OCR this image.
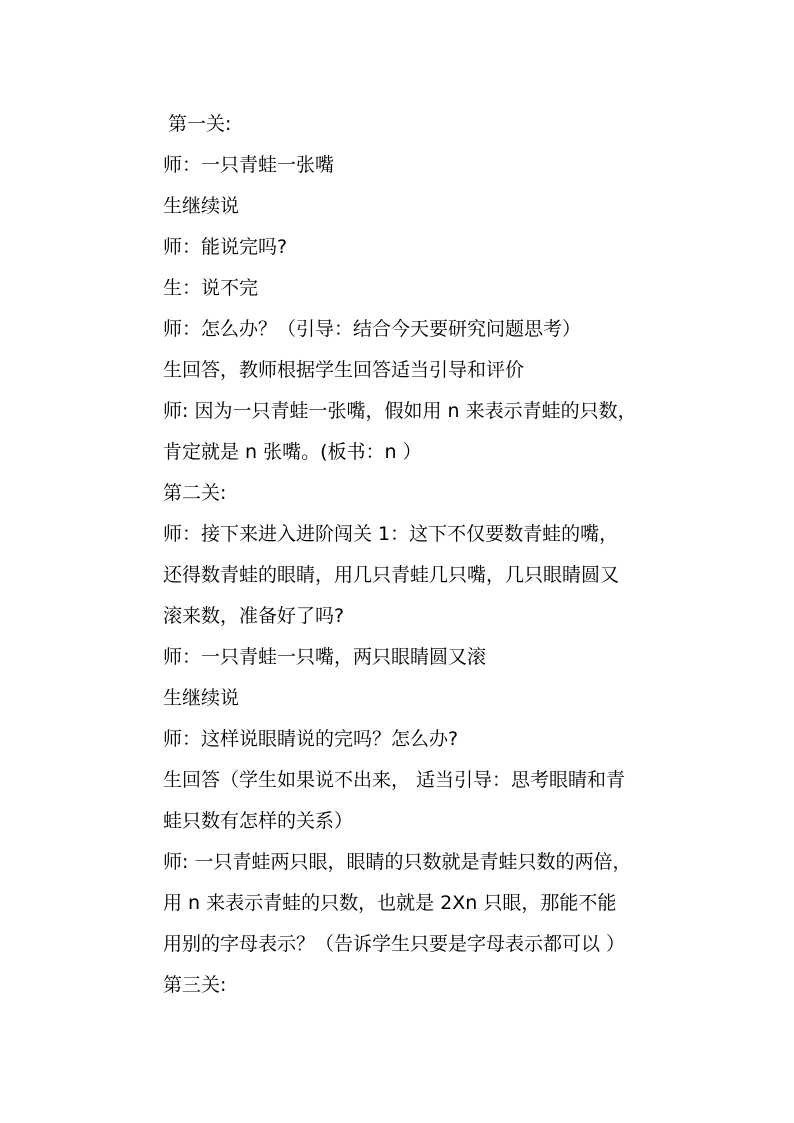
第一关:

师：一只青蛙一张嘴

生继续说

师：能说完吗?

生：说不完

师：怎么办？（引导：结合今天要研究问题思考）

生回答，教师根据学生回答适当引导和评价

师: 因为一只青蛙一张嘴，假如用 n 来表示青蛙的只数，

肯定就是 n 张嘴。(板书：n ）

第二关:

师：接下来进入进阶闯关 1：这下不仅要数青蛙的嘴，

还得数青蛙的眼睛，用几只青蛙几只嘴，几只眼睛圆又

滚来数，准备好了吗?

师：一只青蛙一只嘴，两只眼睛圆又滚

生继续说

师：这样说眼睛说的完吗？怎么办?

生回答（学生如果说不出来， 适当引导：思考眼睛和青

蛙只数有怎样的关系）

师: 一只青蛙两只眼，眼睛的只数就是青蛙只数的两倍，

用 n 来表示青蛙的只数，也就是 2Xn 只眼，那能不能

用别的字母表示？（告诉学生只要是字母表示都可以 ）

第三关:
